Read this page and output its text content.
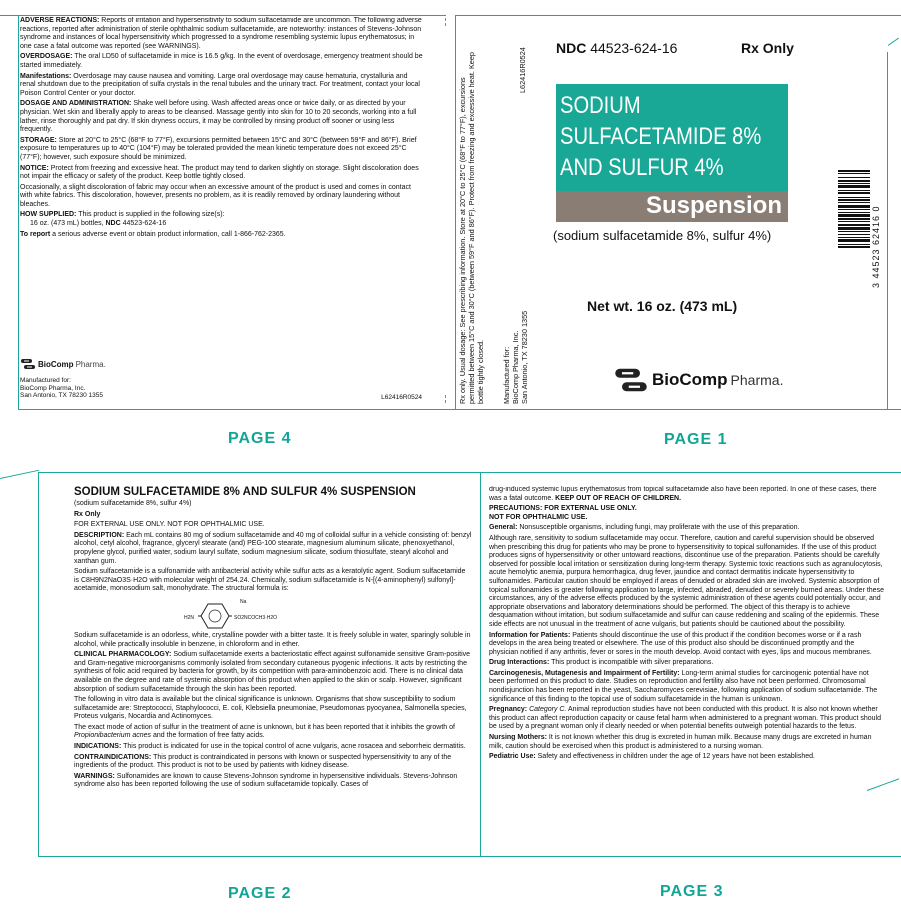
ADVERSE REACTIONS: Reports of irritation and hypersensitivity to sodium sulfacetamide are uncommon. The following adverse reactions, reported after administration of sterile ophthalmic sodium sulfacetamide, are noteworthy: instances of Stevens-Johnson syndrome and instances of local hypersensitivity which progressed to a syndrome resembling systemic lupus erythematosus; in one case a fatal outcome was reported (see WARNINGS).

OVERDOSAGE: The oral LD50 of sulfacetamide in mice is 16.5 g/kg. In the event of overdosage, emergency treatment should be started immediately.

Manifestations: Overdosage may cause nausea and vomiting. Large oral overdosage may cause hematuria, crystalluria and renal shutdown due to the precipitation of sulfa crystals in the renal tubules and the urinary tract. For treatment, contact your local Poison Control Center or your doctor.

DOSAGE AND ADMINISTRATION: Shake well before using. Wash affected areas once or twice daily, or as directed by your physician. Wet skin and liberally apply to areas to be cleansed. Massage gently into skin for 10 to 20 seconds, working into a full lather, rinse thoroughly and pat dry. If skin dryness occurs, it may be controlled by rinsing product off sooner or using less frequently.

STORAGE: Store at 20°C to 25°C (68°F to 77°F), excursions permitted between 15°C and 30°C (between 59°F and 86°F). Brief exposure to temperatures up to 40°C (104°F) may be tolerated provided the mean kinetic temperature does not exceed 25°C (77°F); however, such exposure should be minimized.

NOTICE: Protect from freezing and excessive heat. The product may tend to darken slightly on storage. Slight discoloration does not impair the efficacy or safety of the product. Keep bottle tightly closed.

Occasionally, a slight discoloration of fabric may occur when an excessive amount of the product is used and comes in contact with white fabrics. This discoloration, however, presents no problem, as it is readily removed by ordinary laundering without bleaches.

HOW SUPPLIED: This product is supplied in the following size(s):

16 oz. (473 mL) bottles, NDC 44523-624-16

To report a serious adverse event or obtain product information, call 1-866-762-2365.

BioComp Pharma.
Manufactured for:
BioComp Pharma, Inc.
San Antonio, TX 78230 1355	L62416R0524
PAGE 4
Rx only. Usual dosage: See prescribing information. Store at 20°C to 25°C (68°F to 77°F), excursions permitted between 15°C and 30°C (between 59°F and 86°F). Protect from freezing and excessive heat. Keep bottle tightly closed. Manufactured for: BioComp Pharma, Inc. San Antonio, TX 78230 1355
L62416R0524 NDC 44523-624-16	Rx Only
SODIUM
SULFACETAMIDE 8%
AND SULFUR 4%
Suspension
(sodium sulfacetamide 8%, sulfur 4%)
Net wt. 16 oz. (473 mL)
BioComp Pharma.
3 44523 62416 0
PAGE 1
SODIUM SULFACETAMIDE 8% AND SULFUR 4% SUSPENSION

(sodium sulfacetamide 8%, sulfur 4%)

Rx Only

FOR EXTERNAL USE ONLY. NOT FOR OPHTHALMIC USE.

DESCRIPTION: Each mL contains 80 mg of sodium sulfacetamide and 40 mg of colloidal sulfur in a vehicle consisting of: benzyl alcohol, cetyl alcohol, fragrance, glyceryl stearate (and) PEG-100 stearate, magnesium aluminum silicate, phenoxyethanol, propylene glycol, purified water, sodium lauryl sulfate, sodium magnesium silicate, sodium thiosulfate, stearyl alcohol and xanthan gum.

Sodium sulfacetamide is a sulfonamide with antibacterial activity while sulfur acts as a keratolytic agent. Sodium sulfacetamide is C8H9N2NaO3S·H2O with molecular weight of 254.24. Chemically, sodium sulfacetamide is N-[(4-aminophenyl) sulfonyl]-acetamide, monosodium salt, monohydrate. The structural formula is:

Na
H2N	SO2NCOCH3·H2O

Sodium sulfacetamide is an odorless, white, crystalline powder with a bitter taste. It is freely soluble in water, sparingly soluble in alcohol, while practically insoluble in benzene, in chloroform and in ether.

CLINICAL PHARMACOLOGY: Sodium sulfacetamide exerts a bacteriostatic effect against sulfonamide sensitive Gram-positive and Gram-negative microorganisms commonly isolated from secondary cutaneous pyogenic infections. It acts by restricting the synthesis of folic acid required by bacteria for growth, by its competition with para-aminobenzoic acid. There is no clinical data available on the degree and rate of systemic absorption of this product when applied to the skin or scalp. However, significant absorption of sodium sulfacetamide through the skin has been reported.

The following in vitro data is available but the clinical significance is unknown. Organisms that show susceptibility to sodium sulfacetamide are: Streptococci, Staphylococci, E. coli, Klebsiella pneumoniae, Pseudomonas pyocyanea, Salmonella species, Proteus vulgaris, Nocardia and Actinomyces.

The exact mode of action of sulfur in the treatment of acne is unknown, but it has been reported that it inhibits the growth of Propionibacterium acnes and the formation of free fatty acids.

INDICATIONS: This product is indicated for use in the topical control of acne vulgaris, acne rosacea and seborrheic dermatitis.

CONTRAINDICATIONS: This product is contraindicated in persons with known or suspected hypersensitivity to any of the ingredients of the product. This product is not to be used by patients with kidney disease.

WARNINGS: Sulfonamides are known to cause Stevens-Johnson syndrome in hypersensitive individuals. Stevens-Johnson syndrome also has been reported following the use of sodium sulfacetamide topically. Cases of

PAGE 2

drug-induced systemic lupus erythematosus from topical sulfacetamide also have been reported. In one of these cases, there was a fatal outcome. KEEP OUT OF REACH OF CHILDREN.

PRECAUTIONS: FOR EXTERNAL USE ONLY.

NOT FOR OPHTHALMIC USE.

General: Nonsusceptible organisms, including fungi, may proliferate with the use of this preparation.

Although rare, sensitivity to sodium sulfacetamide may occur. Therefore, caution and careful supervision should be observed when prescribing this drug for patients who may be prone to hypersensitivity to topical sulfonamides. If the use of this product produces signs of hypersensitivity or other untoward reactions, discontinue use of the preparation. Patients should be carefully observed for possible local irritation or sensitization during long-term therapy. Systemic toxic reactions such as agranulocytosis, acute hemolytic anemia, purpura hemorrhagica, drug fever, jaundice and contact dermatitis indicate hypersensitivity to sulfonamides. Particular caution should be employed if areas of denuded or abraded skin are involved. Systemic absorption of topical sulfonamides is greater following application to large, infected, abraded, denuded or severely burned areas. Under these circumstances, any of the adverse effects produced by the systemic administration of these agents could potentially occur, and appropriate observations and laboratory determinations should be performed. The object of this therapy is to achieve desquamation without irritation, but sodium sulfacetamide and sulfur can cause reddening and scaling of the epidermis. These side effects are not unusual in the treatment of acne vulgaris, but patients should be cautioned about the possibility.

Information for Patients: Patients should discontinue the use of this product if the condition becomes worse or if a rash develops in the area being treated or elsewhere. The use of this product also should be discontinued promptly and the physician notified if any arthritis, fever or sores in the mouth develop. Avoid contact with eyes, lips and mucous membranes.

Drug Interactions: This product is incompatible with silver preparations.

Carcinogenesis, Mutagenesis and Impairment of Fertility: Long-term animal studies for carcinogenic potential have not been performed on this product to date. Studies on reproduction and fertility also have not been performed. Chromosomal nondisjunction has been reported in the yeast, Saccharomyces cerevisiae, following application of sodium sulfacetamide. The significance of this finding to the topical use of sodium sulfacetamide in the human is unknown.

Pregnancy: Category C. Animal reproduction studies have not been conducted with this product. It is also not known whether this product can affect reproduction capacity or cause fetal harm when administered to a pregnant woman. This product should be used by a pregnant woman only if clearly needed or when potential benefits outweigh potential hazards to the fetus.

Nursing Mothers: It is not known whether this drug is excreted in human milk. Because many drugs are excreted in human milk, caution should be exercised when this product is administered to a nursing woman.

Pediatric Use: Safety and effectiveness in children under the age of 12 years have not been established.

PAGE 3
